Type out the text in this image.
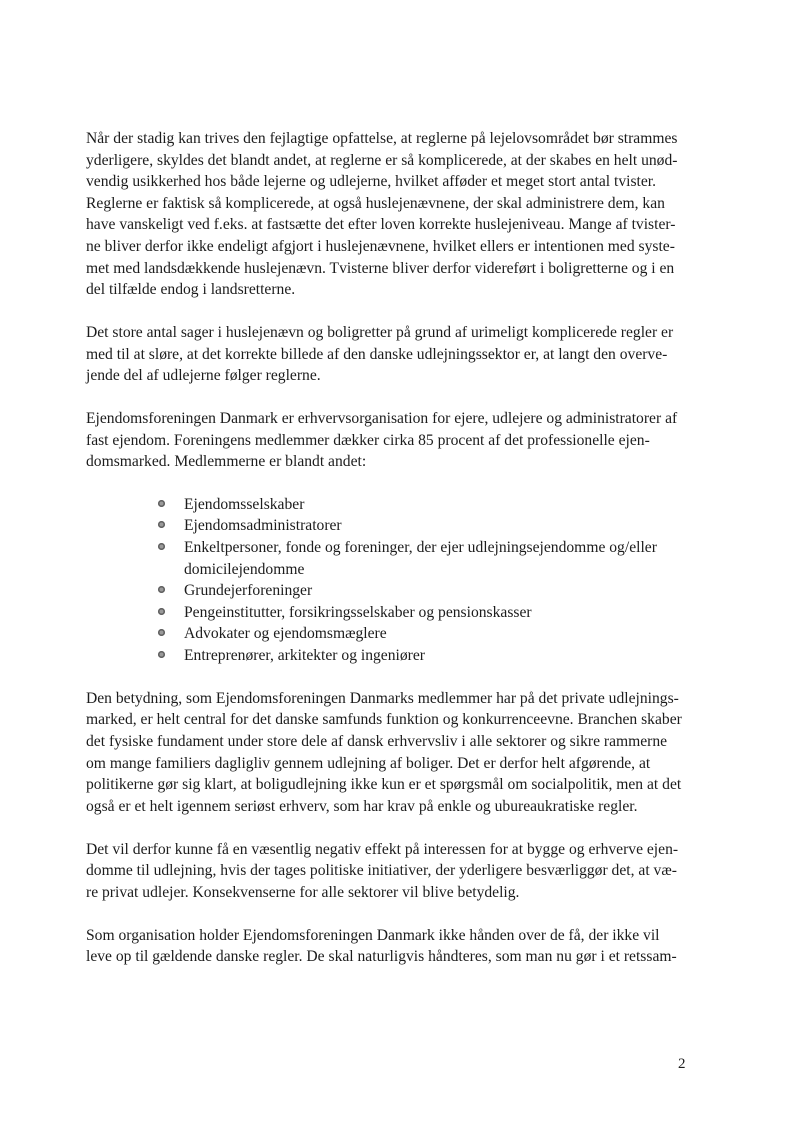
Når der stadig kan trives den fejlagtige opfattelse, at reglerne på lejelovsområdet bør strammes
yderligere, skyldes det blandt andet, at reglerne er så komplicerede, at der skabes en helt unød-
vendig usikkerhed hos både lejerne og udlejerne, hvilket afføder et meget stort antal tvister.
Reglerne er faktisk så komplicerede, at også huslejenævnene, der skal administrere dem, kan
have vanskeligt ved f.eks. at fastsætte det efter loven korrekte huslejeniveau. Mange af tvister-
ne bliver derfor ikke endeligt afgjort i huslejenævnene, hvilket ellers er intentionen med syste-
met med landsdækkende huslejenævn. Tvisterne bliver derfor videreført i boligretterne og i en
del tilfælde endog i landsretterne.
Det store antal sager i huslejenævn og boligretter på grund af urimeligt komplicerede regler er
med til at sløre, at det korrekte billede af den danske udlejningssektor er, at langt den overve-
jende del af udlejerne følger reglerne.
Ejendomsforeningen Danmark er erhvervsorganisation for ejere, udlejere og administratorer af
fast ejendom. Foreningens medlemmer dækker cirka 85 procent af det professionelle ejen-
domsmarked. Medlemmerne er blandt andet:
Ejendomsselskaber
Ejendomsadministratorer
Enkeltpersoner, fonde og foreninger, der ejer udlejningsejendomme og/eller
domicilejendomme
Grundejerforeninger
Pengeinstitutter, forsikringsselskaber og pensionskasser
Advokater og ejendomsmæglere
Entreprenører, arkitekter og ingeniører
Den betydning, som Ejendomsforeningen Danmarks medlemmer har på det private udlejnings-
marked, er helt central for det danske samfunds funktion og konkurrenceevne. Branchen skaber
det fysiske fundament under store dele af dansk erhvervsliv i alle sektorer og sikre rammerne
om mange familiers dagligliv gennem udlejning af boliger. Det er derfor helt afgørende, at
politikerne gør sig klart, at boligudlejning ikke kun er et spørgsmål om socialpolitik, men at det
også er et helt igennem seriøst erhverv, som har krav på enkle og ubureaukratiske regler.
Det vil derfor kunne få en væsentlig negativ effekt på interessen for at bygge og erhverve ejen-
domme til udlejning, hvis der tages politiske initiativer, der yderligere besværliggør det, at væ-
re privat udlejer. Konsekvenserne for alle sektorer vil blive betydelig.
Som organisation holder Ejendomsforeningen Danmark ikke hånden over de få, der ikke vil
leve op til gældende danske regler. De skal naturligvis håndteres, som man nu gør i et retssam-
2
